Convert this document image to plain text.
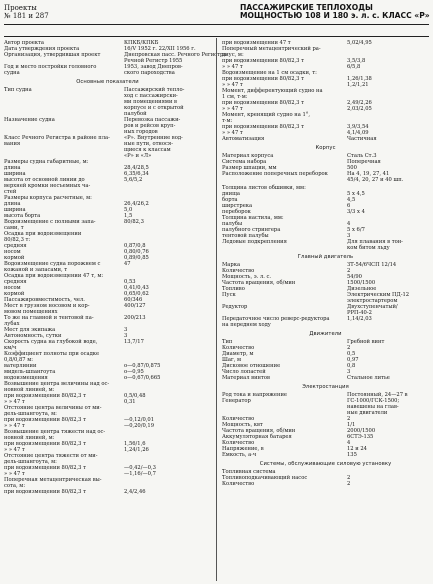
Проекты
№ 181 и 287
ПАССАЖИРСКИЕ ТЕПЛОХОДЫ
МОЩНОСТЬЮ 108 И 180 э. л. с. КЛАСС «Р»
Автор проекта	КПКБ/КПКБ
Дата утверждения проекта	16/V 1952 г. 22/XII 1956 г.
Организация, утвердившая проект	Днепровская пасс. Речного Регистра
Речной Регистр 1955
Год и место постройки головного	1953, завод Днепров-
судна	ского пароходства
Основные показатели
Тип судна	Пассажирский тепло-
ход с пассажирски-
ми помещениями в
корпусе и с открытой
палубой
Назначение судна	Перевозка пассажи-
ров и рейсов круп-
ных городов
Класс Речного Регистра в районе пла-	«Р». Внутренние вод-
вания	ные пути, относя-
щиеся к классам
«Р» и «Л»
Размеры судна габаритные, м:
длина	28,4/28,5
ширина	6,35/6,34
высота от основной линии до	5,6/5,2
верхней кромки несъемных ча-
стей
Размеры корпуса расчетные, м:
длина	26,4/26,2
ширина	5,0
высота борта	1,5
Водоизмещение с полными запа-	80/82,3
сами, т
Осадка при водоизмещении
80/82,3 т:
средняя	0,87/0,8
носом	0,80/0,76
кормой	0,89/0,85
Водоизмещение судна порожнем с	47
кожаной и запасами, т
Осадка при водоизмещении 47 т, м:
средняя	0,53
носом	0,41/0,43
кормой	0,65/0,62
Пассажировместимость, чел.	60/346
Мест в грузном носовом и кор-	400/127
мовом помещениях
То же на главной и тентовой па-	200/213
лубах
Мест для экипажа	3
Автономность, сутки	3
Скорость судна на глубокой воде,	13,7/17
км/ч
Коэффициент полноты при осадке
0,8/0,87 м:
ватерлинии	о—0,87/0,875
мидель-шпангоута	о—0,95
водоизмещения	о—0,67/0,665
Возвышение центра величины над ос-
новной линией, м:
при водоизмещении 80/82,3 т	0,5/0,48
» » 47 т	0,31
Отстояние центра величины от ми-
дель-шпангоута, м:
при водоизмещении 80/82,3 т	—0,12/0,01
» » 47 т	—0,20/0,19
Возвышение центра тяжести над ос-
новной линией, м:
при водоизмещении 80/82,3 т	1,56/1,6
» » 47 т	1,24/1,26
Отстояние центра тяжести от ми-
дель-шпангоута, м:
при водоизмещении 80/82,3 т	—0,42/—0,3
» » 47 т	—1,16/—0,7
Поперечная метацентрическая вы-
сота, м:
при водоизмещении 80/82,3 т	2,4/2,46
при водоизмещении 47 т	5,02/4,95
Поперечный метацентрический ра-
диус, м:
при водоизмещении 80/82,3 т	3,5/3,8
» » 47 т	6/5,8
Водоизмещение на 1 см осадки, т:
при водоизмещении 80/82,3 т	1,26/1,38
» » 47 т	1,2/1,21
Момент, дифферентующий судно на
1 см, т·м:
при водоизмещении 80/82,3 т	2,49/2,26
» » 47 т	2,03/2,05
Момент, кренящий судно на 1°,
т·м:
при водоизмещении 80/82,3 т	3,9/3,54
» » 47 т	4,1/4,09
Автоматизация	Частичная
Корпус
Материал корпуса	Сталь Ст.3
Система набора	Поперечная
Размер шпации, мм	500
Расположение поперечных переборок	На 4, 19, 27, 41
45/4, 20, 27 и 40 шп.
Толщина листов обшивки, мм:
днища	5 х 4,5
борта	4,5
ширстрека	6
переборок	3/3 х 4
Толщина настила, мм:
палубы	4
палубного стрингера	5 х 6/7
тентовой палубы	3
Ледовые подкрепления	Для плавания в тон-
ком битом льду
Главный двигатель
Марка	ЗТ-54/6ЧСП 12/14
Количество	2
Мощность, э. л. с.	54/90
Частота вращения, об/мин	1500/1500
Топливо	Дизельное
Пуск	Электрическим ПД-12
электростартером
Редуктор	Двухступенчатый/
РРП-40-2
Передаточное число реверс-редуктора	1,14/2,03
на переднем ходу
Движители
Тип	Гребной винт
Количество	2
Диаметр, м	0,5
Шаг, м	0,97
Дисковое отношение	0,8
Число лопастей	3
Материал винтов	Стальное литье
Электростанция
Род тока и напряжение	Постоянный, 24—27 в
Генератор	ГС-1000/ГСК-1500;
навешены на глав-
ные двигатели
Количество	2
Мощность, квт	1/1
Частота вращения, об/мин	2000/1500
Аккумуляторная батарея	6СТЭ-135
Количество	4
Напряжение, в	12 и 24
Емкость, а·ч	135
Системы, обслуживающие силовую установку
Топливная система
Топливоподкачивающий насос	2
Количество	2
